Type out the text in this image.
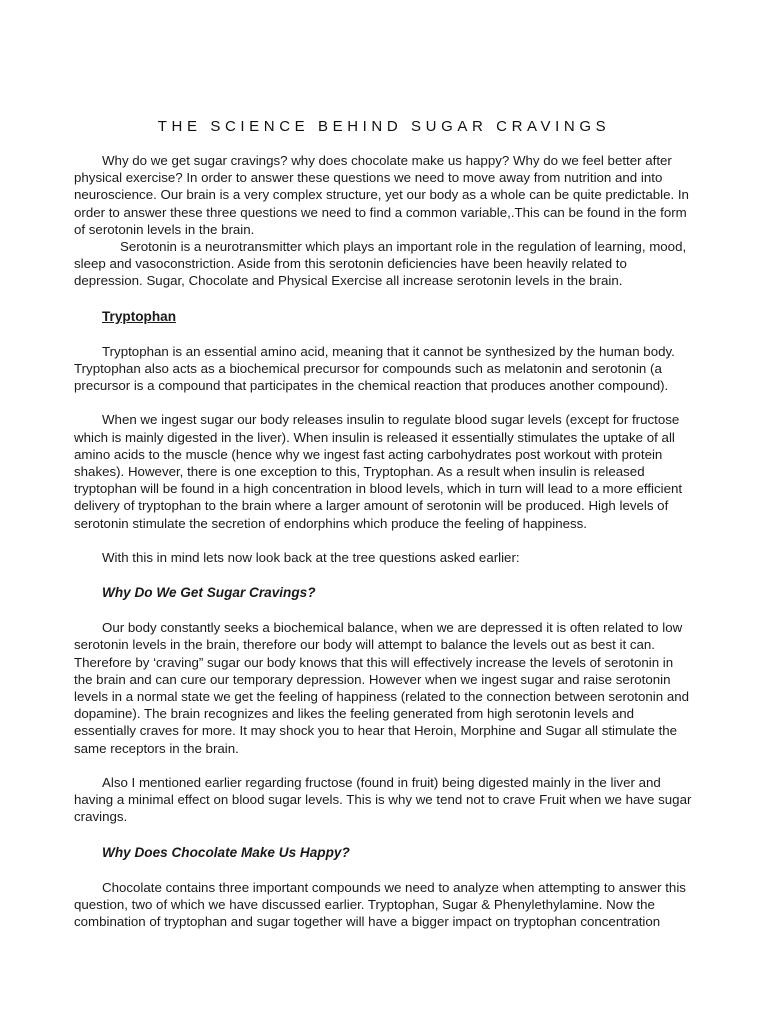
THE SCIENCE BEHIND SUGAR CRAVINGS

Why do we get sugar cravings? why does chocolate make us happy? Why do we feel better after physical exercise? In order to answer these questions we need to move away from nutrition and into neuroscience. Our brain is a very complex structure, yet our body as a whole can be quite predictable. In order to answer these three questions we need to find a common variable,.This can be found in the form of serotonin levels in the brain.

Serotonin is a neurotransmitter which plays an important role in the regulation of learning, mood, sleep and vasoconstriction. Aside from this serotonin deficiencies have been heavily related to depression. Sugar, Chocolate and Physical Exercise all increase serotonin levels in the brain.

Tryptophan

Tryptophan is an essential amino acid, meaning that it cannot be synthesized by the human body. Tryptophan also acts as a biochemical precursor for compounds such as melatonin and serotonin (a precursor is a compound that participates in the chemical reaction that produces another compound).

When we ingest sugar our body releases insulin to regulate blood sugar levels (except for fructose which is mainly digested in the liver). When insulin is released it essentially stimulates the uptake of all amino acids to the muscle (hence why we ingest fast acting carbohydrates post workout with protein shakes). However, there is one exception to this, Tryptophan. As a result when insulin is released tryptophan will be found in a high concentration in blood levels, which in turn will lead to a more efficient delivery of tryptophan to the brain where a larger amount of serotonin will be produced. High levels of serotonin stimulate the secretion of endorphins which produce the feeling of happiness.

With this in mind lets now look back at the tree questions asked earlier:

Why Do We Get Sugar Cravings?

Our body constantly seeks a biochemical balance, when we are depressed it is often related to low serotonin levels in the brain, therefore our body will attempt to balance the levels out as best it can. Therefore by ‘craving” sugar our body knows that this will effectively increase the levels of serotonin in the brain and can cure our temporary depression. However when we ingest sugar and raise serotonin levels in a normal state we get the feeling of happiness (related to the connection between serotonin and dopamine). The brain recognizes and likes the feeling generated from high serotonin levels and essentially craves for more. It may shock you to hear that Heroin, Morphine and Sugar all stimulate the same receptors in the brain.

Also I mentioned earlier regarding fructose (found in fruit) being digested mainly in the liver and having a minimal effect on blood sugar levels. This is why we tend not to crave Fruit when we have sugar cravings.

Why Does Chocolate Make Us Happy?

Chocolate contains three important compounds we need to analyze when attempting to answer this question, two of which we have discussed earlier. Tryptophan, Sugar & Phenylethylamine. Now the combination of tryptophan and sugar together will have a bigger impact on tryptophan concentration
